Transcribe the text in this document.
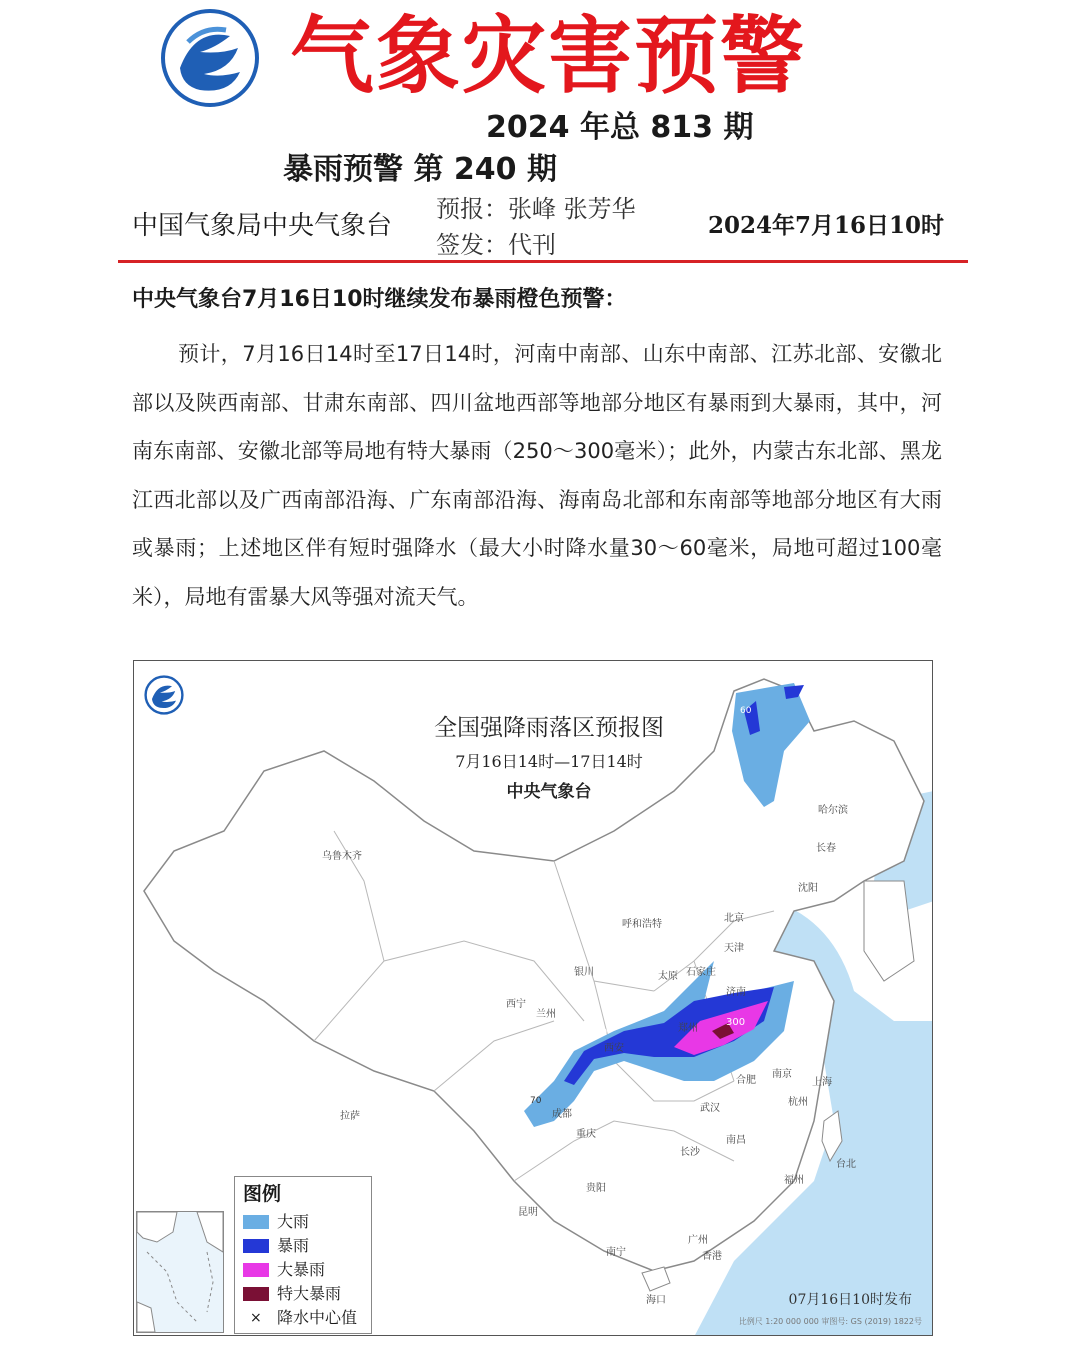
气象灾害预警
2024 年总 813 期
暴雨预警 第 240 期
中国气象局中央气象台
预报：张峰 张芳华
签发：代刊
2024年7月16日10时
中央气象台7月16日10时继续发布暴雨橙色预警：
预计，7月16日14时至17日14时，河南中南部、山东中南部、江苏北部、安徽北部以及陕西南部、甘肃东南部、四川盆地西部等地部分地区有暴雨到大暴雨，其中，河南东南部、安徽北部等局地有特大暴雨（250～300毫米）；此外，内蒙古东北部、黑龙江西北部以及广西南部沿海、广东南部沿海、海南岛北部和东南部等地部分地区有大雨或暴雨；上述地区伴有短时强降水（最大小时降水量30～60毫米，局地可超过100毫米），局地有雷暴大风等强对流天气。
300
120
70
60
全国强降雨落区预报图
7月16日14时—17日14时
中央气象台
乌鲁木齐
哈尔滨
长春
沈阳
北京
天津
呼和浩特
石家庄
太原
济南
银川
西宁
兰州
西安
郑州
合肥
南京
上海
杭州
武汉
成都
重庆
长沙
南昌
拉萨
贵阳
昆明
南宁
广州
香港
福州
台北
海口
图例
大雨
暴雨
大暴雨
特大暴雨
× 降水中心值
07月16日10时发布
比例尺 1:20 000 000 审图号: GS (2019) 1822号
